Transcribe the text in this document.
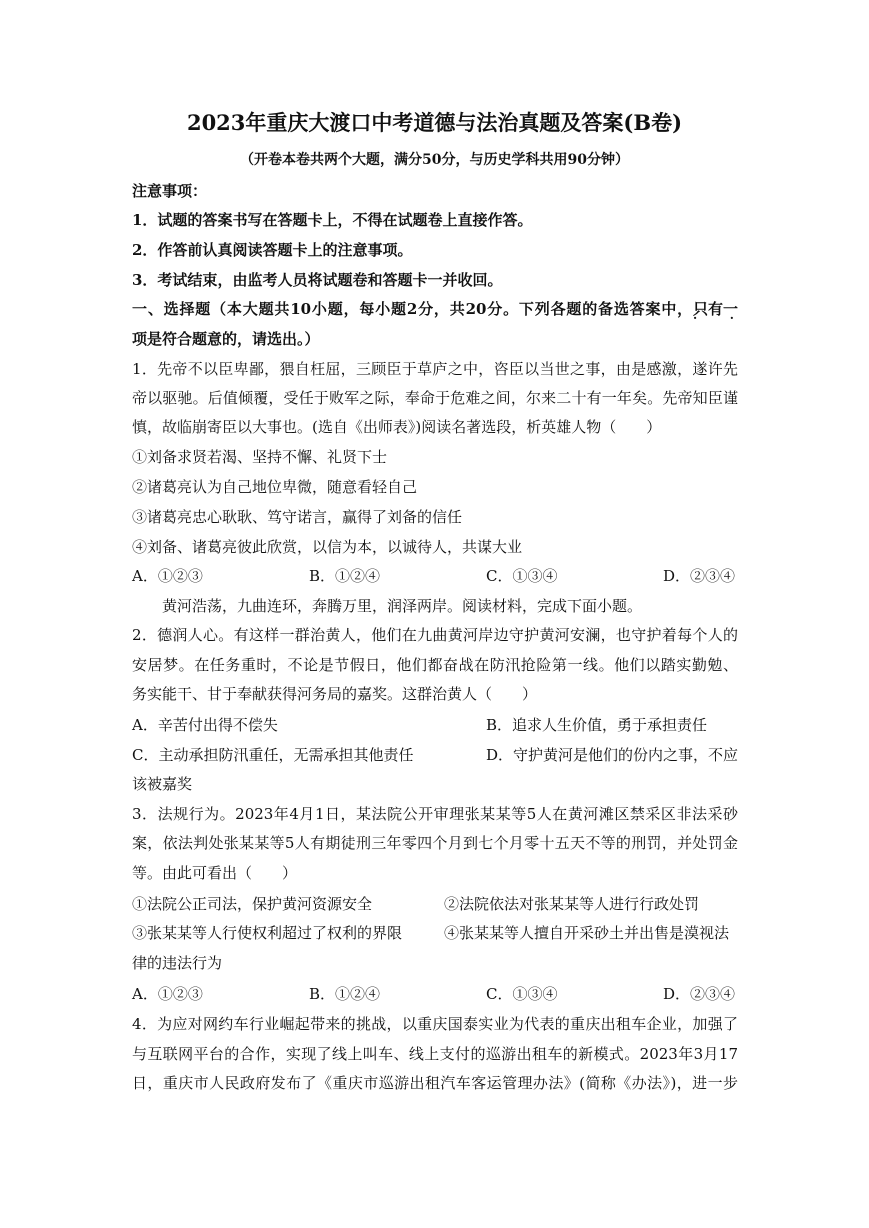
2023年重庆大渡口中考道德与法治真题及答案(B卷)
（开卷本卷共两个大题，满分50分，与历史学科共用90分钟）
注意事项：
1．试题的答案书写在答题卡上，不得在试题卷上直接作答。
2．作答前认真阅读答题卡上的注意事项。
3．考试结束，由监考人员将试题卷和答题卡一并收回。
一、选择题（本大题共10小题，每小题2分，共20分。下列各题的备选答案中，只有一 · ·
项是符合题意的，请选出。）
1．先帝不以臣卑鄙，猥自枉屈，三顾臣于草庐之中，咨臣以当世之事，由是感激，遂许先
帝以驱驰。后值倾覆，受任于败军之际，奉命于危难之间，尔来二十有一年矣。先帝知臣谨
慎，故临崩寄臣以大事也。(选自《出师表》)阅读名著选段，析英雄人物（　　）
①刘备求贤若渴、坚持不懈、礼贤下士
②诸葛亮认为自己地位卑微，随意看轻自己
③诸葛亮忠心耿耿、笃守诺言，赢得了刘备的信任
④刘备、诸葛亮彼此欣赏，以信为本，以诚待人，共谋大业
A．①②③	B．①②④	C．①③④	D．②③④
黄河浩荡，九曲连环，奔腾万里，润泽两岸。阅读材料，完成下面小题。
2．德润人心。有这样一群治黄人，他们在九曲黄河岸边守护黄河安澜，也守护着每个人的
安居梦。在任务重时，不论是节假日，他们都奋战在防汛抢险第一线。他们以踏实勤勉、
务实能干、甘于奉献获得河务局的嘉奖。这群治黄人（　　）
A．辛苦付出得不偿失	B．追求人生价值，勇于承担责任
C．主动承担防汛重任，无需承担其他责任	D．守护黄河是他们的份内之事，不应
该被嘉奖
3．法规行为。2023年4月1日，某法院公开审理张某某等5人在黄河滩区禁采区非法采砂
案，依法判处张某某等5人有期徒刑三年零四个月到七个月零十五天不等的刑罚，并处罚金
等。由此可看出（　　）
①法院公正司法，保护黄河资源安全	②法院依法对张某某等人进行行政处罚
③张某某等人行使权利超过了权利的界限	④张某某等人擅自开采砂土并出售是漠视法
律的违法行为
A．①②③	B．①②④	C．①③④	D．②③④
4．为应对网约车行业崛起带来的挑战，以重庆国泰实业为代表的重庆出租车企业，加强了
与互联网平台的合作，实现了线上叫车、线上支付的巡游出租车的新模式。2023年3月17
日，重庆市人民政府发布了《重庆市巡游出租汽车客运管理办法》(简称《办法》)，进一步
